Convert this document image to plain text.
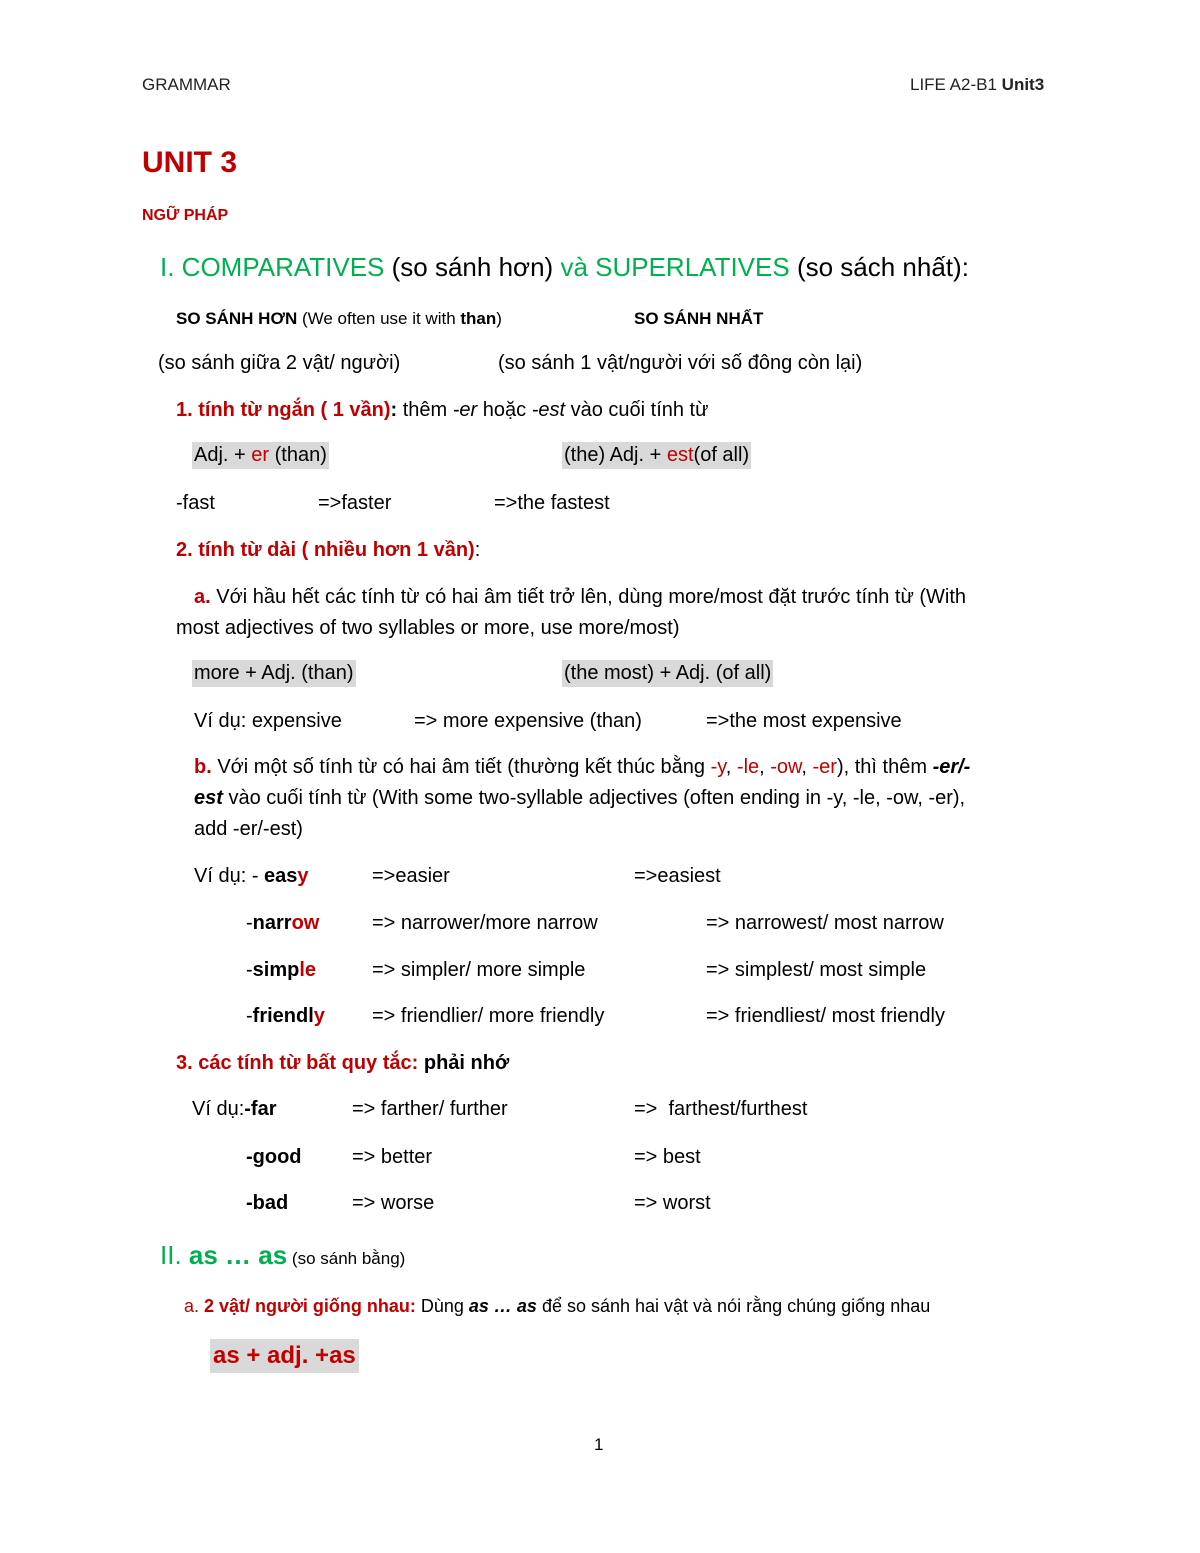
GRAMMAR	LIFE A2-B1 Unit3
UNIT 3
NGỮ PHÁP
I. COMPARATIVES (so sánh hơn) và SUPERLATIVES (so sách nhất):
SO SÁNH HƠN (We often use it with than)	SO SÁNH NHẤT
(so sánh giữa 2 vật/ người)	(so sánh 1 vật/người với số đông còn lại)
1. tính từ ngắn ( 1 vần): thêm -er hoặc -est vào cuối tính từ
Adj. + er (than)	(the) Adj. + est(of all)
-fast	=>faster	=>the fastest
2. tính từ dài ( nhiều hơn 1 vần):
a. Với hầu hết các tính từ có hai âm tiết trở lên, dùng more/most đặt trước tính từ (With
most adjectives of two syllables or more, use more/most)
more + Adj. (than)	(the most) + Adj. (of all)
Ví dụ: expensive	=> more expensive (than)	=>the most expensive
b. Với một số tính từ có hai âm tiết (thường kết thúc bằng -y, -le, -ow, -er), thì thêm -er/-
est vào cuối tính từ (With some two-syllable adjectives (often ending in -y, -le, -ow, -er),
add -er/-est)
Ví dụ: - easy	=>easier	=>easiest
-narrow	=> narrower/more narrow	=> narrowest/ most narrow
-simple	=> simpler/ more simple	=> simplest/ most simple
-friendly => friendlier/ more friendly	=> friendliest/ most friendly
3. các tính từ bất quy tắc: phải nhớ
Ví dụ:-far	=> farther/ further	=>  farthest/furthest
-good	=> better	=> best
-bad	=> worse	=> worst
II. as … as (so sánh bằng)
a. 2 vật/ người giống nhau: Dùng as … as để so sánh hai vật và nói rằng chúng giống nhau
as + adj. +as
1
